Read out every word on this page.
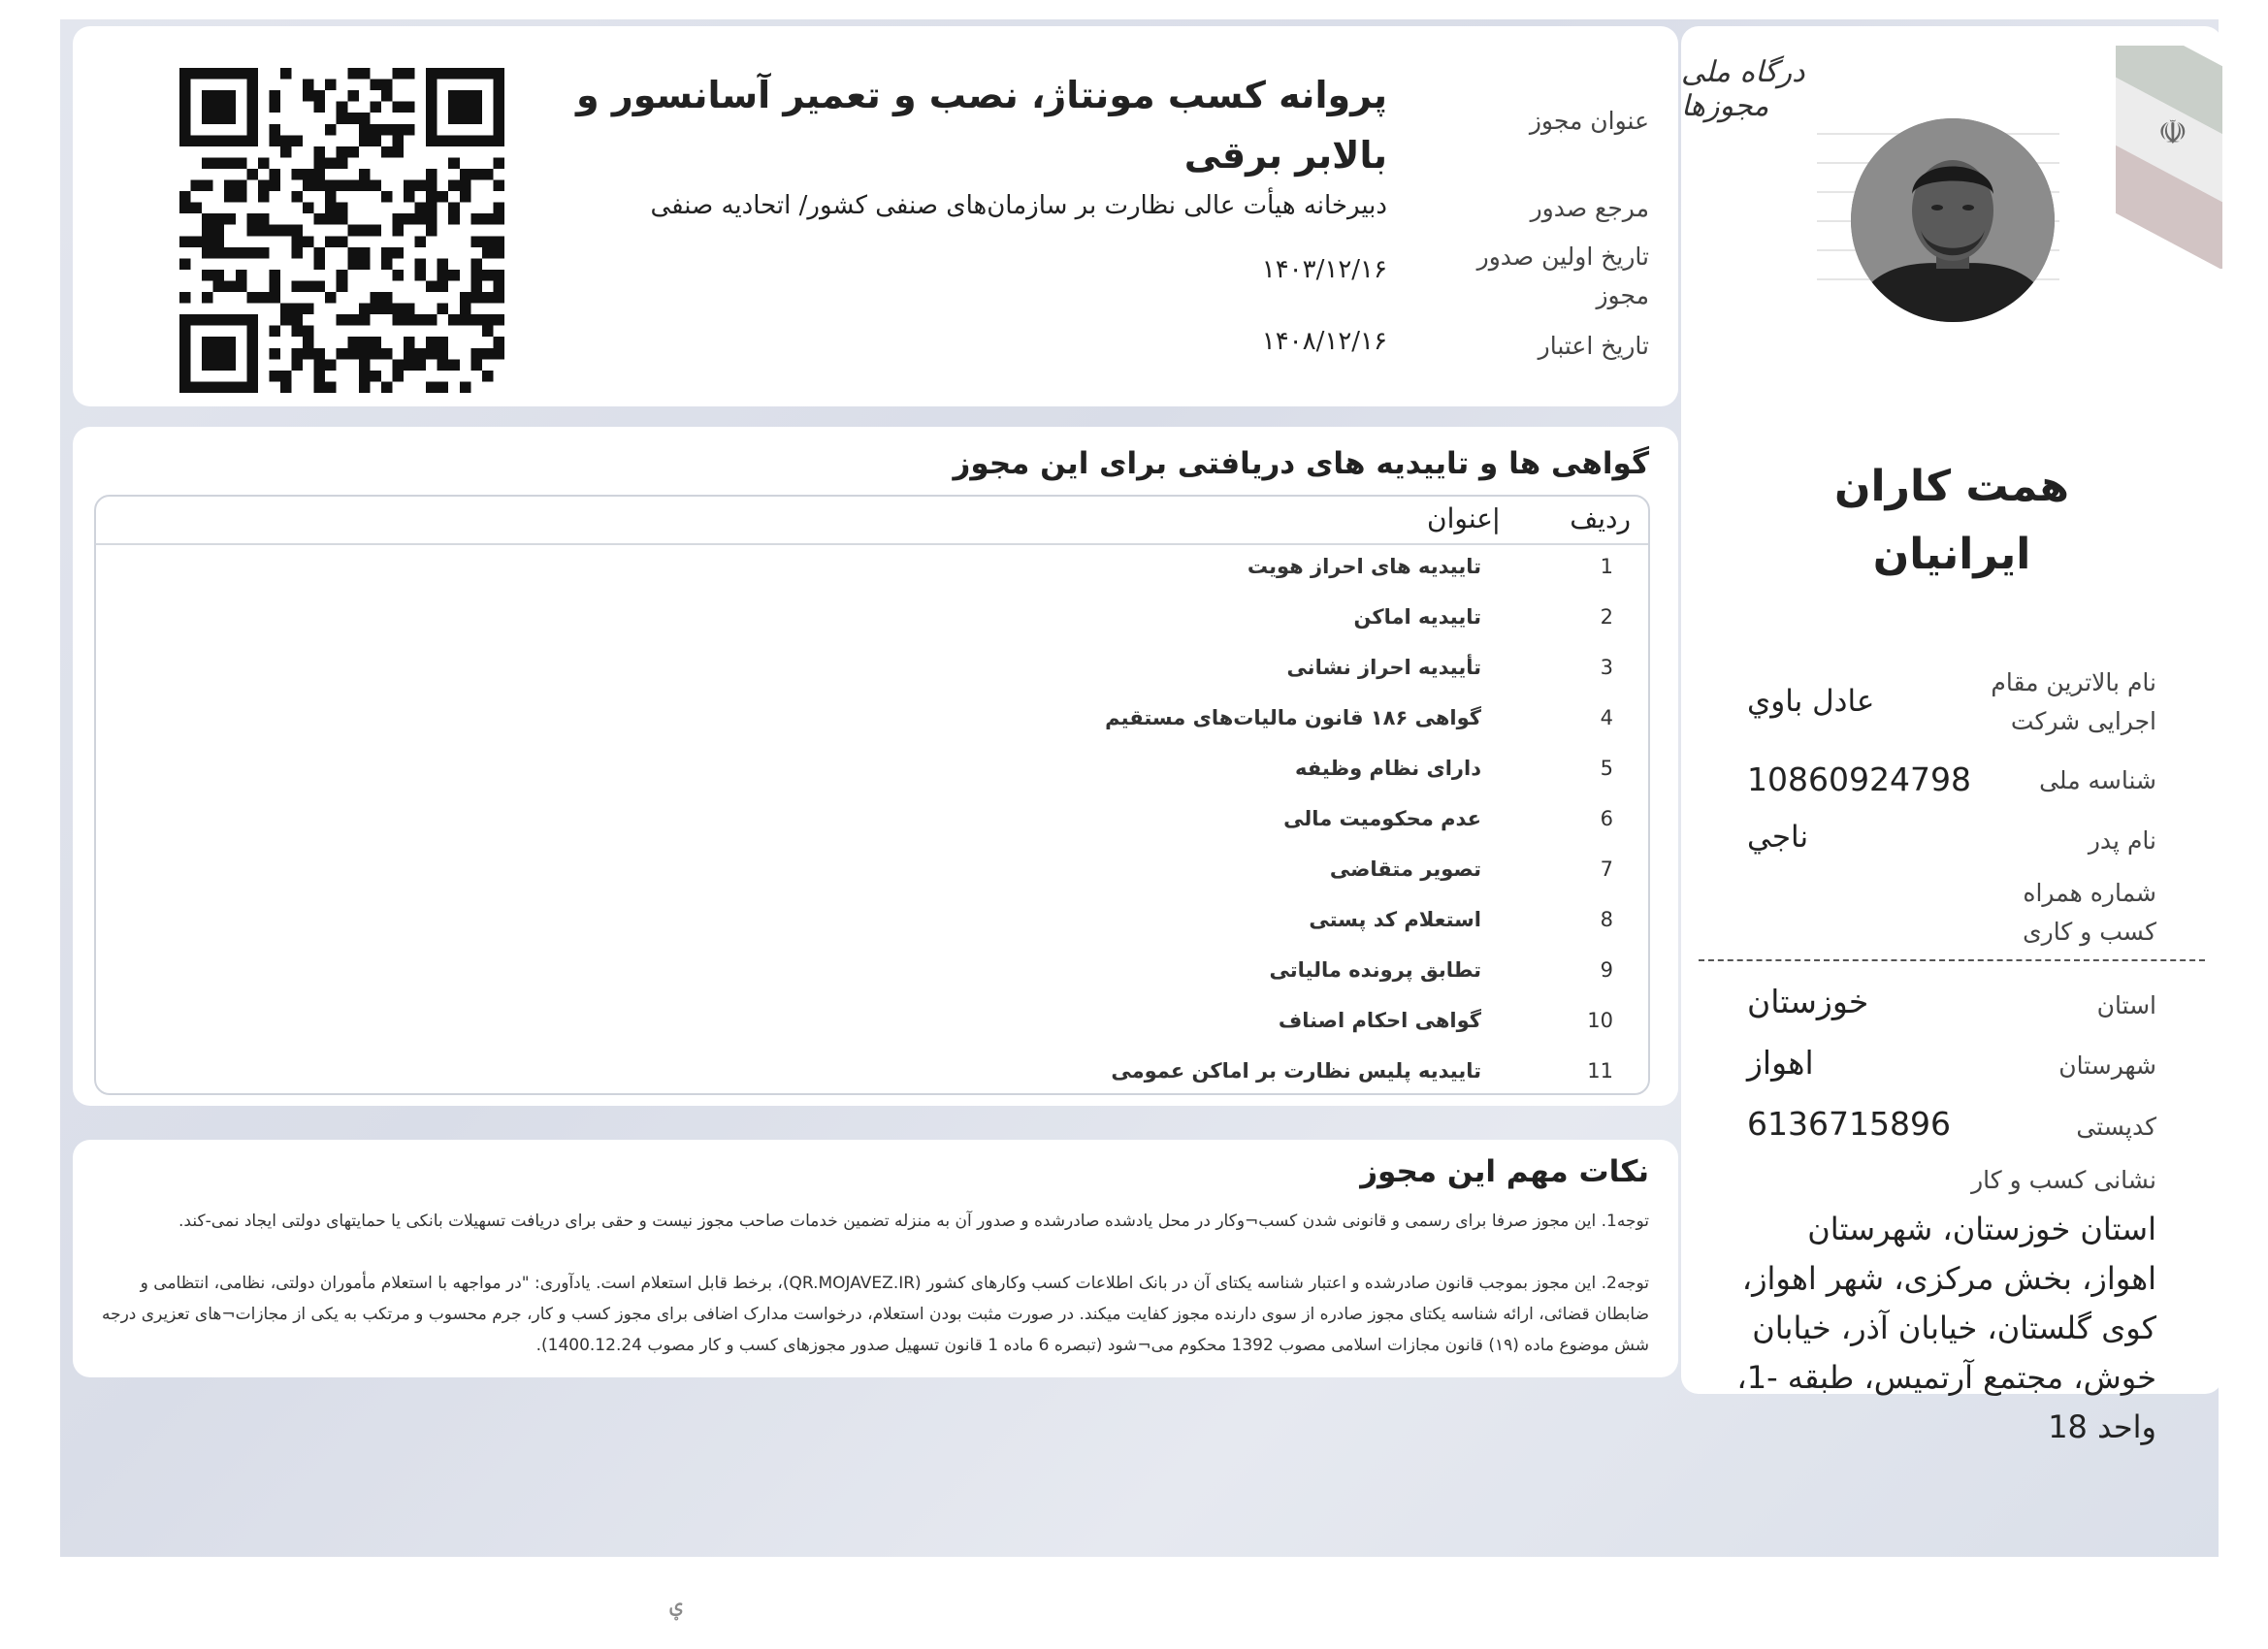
درگاه ملی مجوزها
☫
همت کاران
ایرانیان
نام بالاترین مقام اجرایی شرکت
عادل باوي
شناسه ملی
10860924798
نام پدر
ناجي
شماره همراه کسب و کاری
استان
خوزستان
شهرستان
اهواز
کدپستی
6136715896
نشانی کسب و کار
استان خوزستان، شهرستان اهواز، بخش مرکزی، شهر اهواز، کوی گلستان، خیابان آذر، خیابان خوش، مجتمع آرتمیس، طبقه -1، واحد 18
عنوان مجوز
پروانه کسب مونتاژ، نصب و تعمیر آسانسور و بالابر برقی
مرجع صدور
دبیرخانه هیأت عالی نظارت بر سازمان‌های صنفی کشور/ اتحادیه صنفی
تاریخ اولین صدور مجوز
۱۴۰۳/۱۲/۱۶
تاریخ اعتبار
۱۴۰۸/۱۲/۱۶
گواهی ها و تاییدیه های دریافتی برای این مجوز
ردیف
|
عنوان
1
تاییدیه های احراز هویت
2
تاییدیه اماکن
3
تأییدیه احراز نشانی
4
گواهی ۱۸۶ قانون مالیات‌های مستقیم
5
دارای نظام وظیفه
6
عدم محکومیت مالی
7
تصویر متقاضی
8
استعلام کد پستی
9
تطابق پرونده مالیاتی
10
گواهی احکام اصناف
11
تاییدیه پلیس نظارت بر اماکن عمومی
نکات مهم این مجوز
توجه1. این مجوز صرفا برای رسمی و قانونی شدن کسب¬وکار در محل یادشده صادرشده و صدور آن به منزله تضمین خدمات صاحب مجوز نیست و حقی برای دریافت تسهیلات بانکی یا حمایتهای دولتی ایجاد نمی-کند.
توجه2. این مجوز بموجب قانون صادرشده و اعتبار شناسه یکتای آن در بانک اطلاعات کسب وکارهای کشور (QR.MOJAVEZ.IR)، برخط قابل استعلام است. یادآوری: "در مواجهه با استعلام مأموران دولتی، نظامی، انتظامی و ضابطان قضائی، ارائه شناسه یکتای مجوز صادره از سوی دارنده مجوز کفایت میکند. در صورت مثبت بودن استعلام، درخواست مدارک اضافی برای مجوز کسب و کار، جرم محسوب و مرتکب به یکی از مجازات¬های تعزیری درجه شش موضوع ماده (۱۹) قانون مجازات اسلامی مصوب 1392 محکوم می¬شود (تبصره 6 ماده 1 قانون تسهیل صدور مجوزهای کسب و کار مصوب 1400.12.24).
ؠ
